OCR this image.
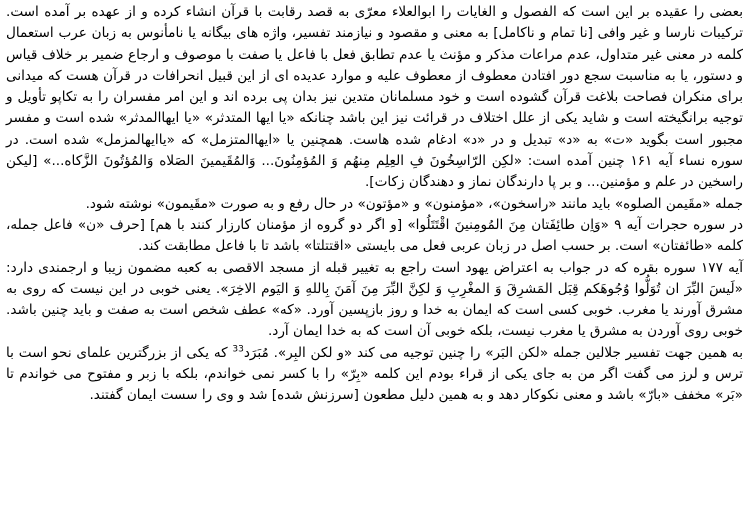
بعضی را عقیده بر این است که الفصول و الغایات را ابوالعلاء معرّی به قصد رقابت با قرآن انشاء کرده و از عهده بر آمده است. ترکیبات نارسا و غیر وافی [نا تمام و ناکامل] به معنی و مقصود و نیازمند تفسیر، واژه های بیگانه یا نامأنوس به زبان عرب استعمال کلمه در معنی غیر متداول، عدم مراعات مذکر و مؤنث یا عدم تطابق فعل با فاعل یا صفت با موصوف و ارجاع ضمیر بر خلاف قیاس و دستور، یا به مناسبت سجع دور افتادن معطوف از معطوف علیه و موارد عدیده ای از این قبیل انحرافات در قرآن هست که میدانی برای منکران فصاحت بلاغت قرآن گشوده است و خود مسلمانان متدین نیز بدان پی برده اند و این امر مفسران را به تکاپو تأویل و توجیه برانگیخته است و شاید یکی از علل اختلاف در قرائت نیز این باشد چنانکه «یا ایها المتدثر» «یا ایهاالمدثر» شده است و مفسر مجبور است بگوید «ت» به «د» تبدیل و در «د» ادغام شده هاست. همچنین یا «ایهاالمتزمل» که «یاایهالمزمل» شده است. در سوره نساء آیه ۱۶۱ چنین آمده است: «لکِن الرّاسِخُونَ فِ العِلِم مِنهُم وَ المُؤمِنُونَ... وَالمُقَیمینَ الصَلاه وَالمُؤتُونَ الزَّکاه...» [لیکن راسخین در علم و مؤمنین... و بر پا دارندگان نماز و دهندگان زکات].

جمله «مقَیمن الصلوه» باید مانند «راسخون»، «مؤمنون» و «مؤتون» در حال رفع و به صورت «مقَیمون» نوشته شود.

در سوره حجرات آیه ۹ «وَاِن طائِفَتان مِنَ المُومِنینَ اقْتَتَلُوا» [و اگر دو گروه از مؤمنان کارزار کنند با هم] [حرف «ن» فاعل جمله، کلمه «طائفتان» است. بر حسب اصل در زبان عربی فعل می بایستی «اقتتلتا» باشد تا با فاعل مطابقت کند.

آیه ۱۷۷ سوره بقره که در جواب به اعتراض یهود است راجع به تغییر قبله از مسجد الاقصی به کعبه مضمون زیبا و ارجمندی دارد: «لَیسَ البِّرَ ان تُوَلُّوا وُجُوهَکم قِبَل المَشرِقَ وَ المغْرِبِ وَ لکِنَّ البِّرَ مِنَ آمَنَ بِاللهِ وَ الیَوم الاخِرَ». یعنی خوبی در این نیست که روی به مشرق آورند یا مغرب. خوبی کسی است که ایمان به خدا و روز بازپسین آورد. «که» عطف شخص است به صفت و باید چنین باشد. خوبی روی آوردن به مشرق یا مغرب نیست، بلکه خوبی آن است که به خدا ایمان آرد.

به همین جهت تفسیر جلالین جمله «لکن البَر» را چنین توجیه می کند «و لکن البِر». مُبَرَد$^{33}$ که یکی از بزرگترین علمای نحو است با ترس و لرز می گفت اگر من به جای یکی از قراء بودم این کلمه «بِرّ» را با کسر نمی خواندم، بلکه با زبر و مفتوح می خواندم تا «بَر» مخفف «بارّ» باشد و معنی نکوکار دهد و به همین دلیل مطعون [سرزنش شده] شد و وی را سست ایمان گفتند.
